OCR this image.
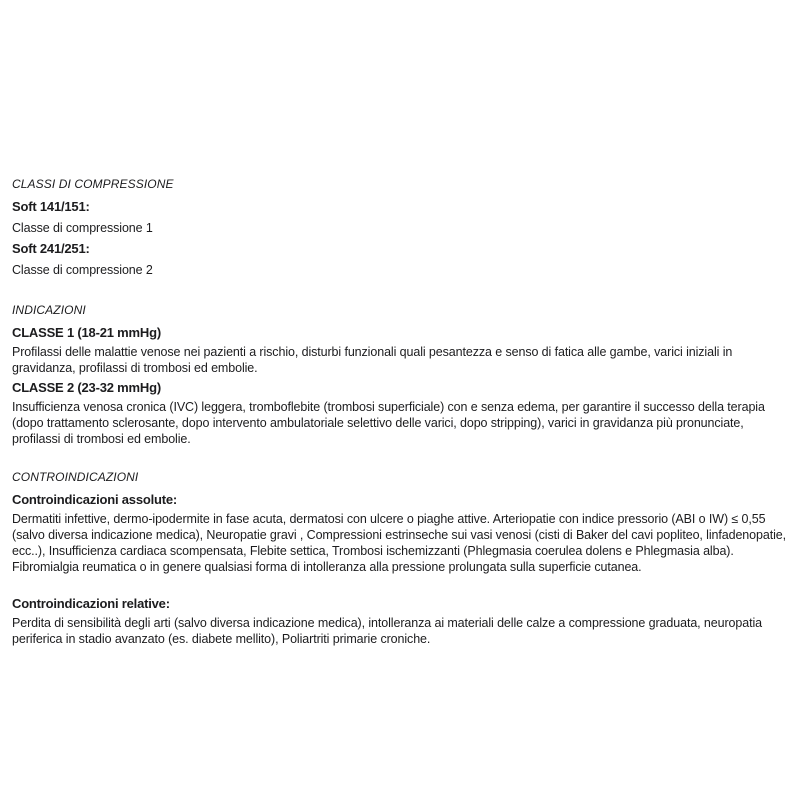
CLASSI DI COMPRESSIONE

Soft 141/151:

Classe di compressione 1

Soft 241/251:

Classe di compressione 2

INDICAZIONI

CLASSE 1 (18-21 mmHg)

Profilassi delle malattie venose nei pazienti a rischio, disturbi funzionali quali pesantezza e senso di fatica alle gambe, varici iniziali in gravidanza, profilassi di trombosi ed embolie.

CLASSE 2 (23-32 mmHg)

Insufficienza venosa cronica (IVC) leggera, tromboflebite (trombosi superficiale) con e senza edema, per garantire il successo della terapia (dopo trattamento sclerosante, dopo intervento ambulatoriale selettivo delle varici, dopo stripping), varici in gravidanza più pronunciate, profilassi di trombosi ed embolie.

CONTROINDICAZIONI

Controindicazioni assolute:

Dermatiti infettive, dermo-ipodermite in fase acuta, dermatosi con ulcere o piaghe attive. Arteriopatie con indice pressorio (ABI o IW) ≤ 0,55 (salvo diversa indicazione medica), Neuropatie gravi , Compressioni estrinseche sui vasi venosi (cisti di Baker del cavi popliteo, linfadenopatie, ecc..), Insufficienza cardiaca scompensata, Flebite settica, Trombosi ischemizzanti (Phlegmasia coerulea dolens e Phlegmasia alba). Fibromialgia reumatica o in genere qualsiasi forma di intolleranza alla pressione prolungata sulla superficie cutanea.

Controindicazioni relative:

Perdita di sensibilità degli arti (salvo diversa indicazione medica), intolleranza ai materiali delle calze a compressione graduata, neuropatia periferica in stadio avanzato (es. diabete mellito), Poliartriti primarie croniche.
